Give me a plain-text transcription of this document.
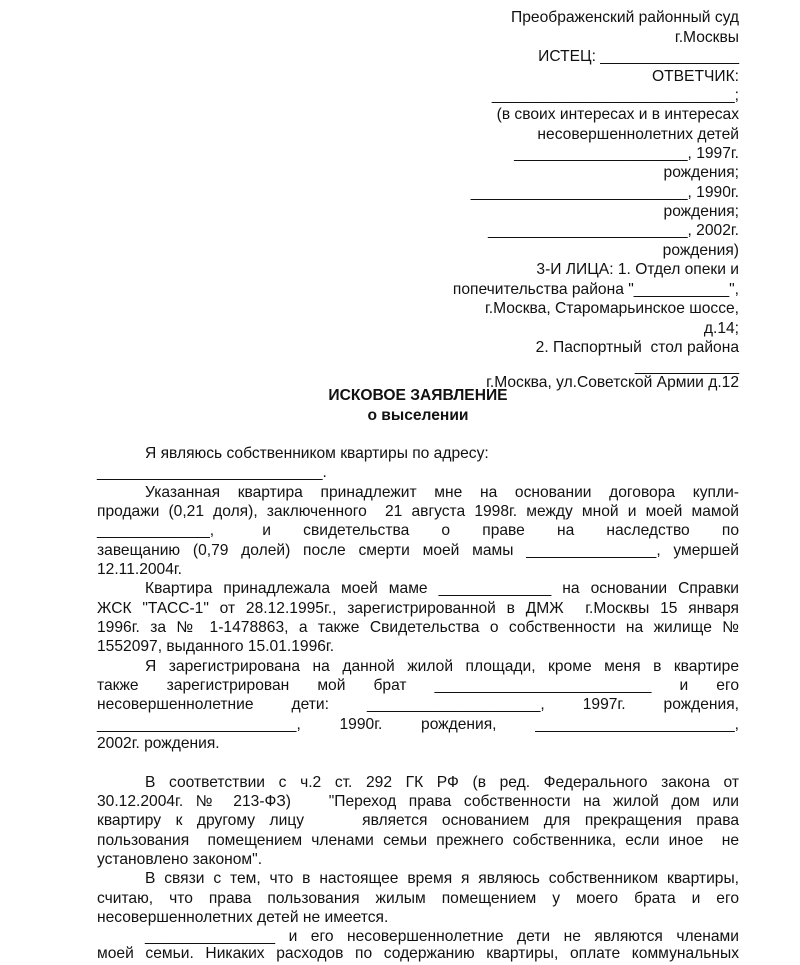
Преображенский районный суд
г.Москвы
ИСТЕЦ: ________________
ОТВЕТЧИК:
____________________________;
(в своих интересах и в интересах
несовершеннолетних детей
____________________, 1997г.
рождения;
_________________________, 1990г.
рождения;
_______________________, 2002г.
рождения)
3-И ЛИЦА: 1. Отдел опеки и
попечительства района "___________",
г.Москва, Старомарьинское шоссе,
д.14;
2. Паспортный  стол района
____________
г.Москва, ул.Советской Армии д.12
ИСКОВОЕ ЗАЯВЛЕНИЕ
о выселении
Я являюсь собственником квартиры по адресу:
__________________________.
Указанная  квартира  принадлежит  мне  на  основании  договора  купли-
продажи (0,21 доля), заключенного  21 августа 1998г. между мной и моей мамой
_____________,   и  свидетельства  о  праве  на  наследство  по
завещанию (0,79 долей) после смерти моей мамы _______________, умершей
12.11.2004г.
Квартира принадлежала моей маме _____________ на основании Справки
ЖСК "ТАСС-1" от 28.12.1995г., зарегистрированной в ДМЖ  г.Москвы 15 января
1996г. за № 1-1478863, а также Свидетельства о собственности на жилище №
1552097, выданного 15.01.1996г.
Я зарегистрирована на данной жилой площади, кроме меня в квартире
также  зарегистрирован  мой  брат  _________________________  и  его
несовершеннолетние   дети:   ____________________,   1997г.   рождения,
_______________________,   1990г.   рождения,   _______________________,
2002г. рождения.
В соответствии с ч.2 ст. 292 ГК РФ (в ред. Федерального закона от
30.12.2004г. № 213-ФЗ)   "Переход права собственности на жилой дом или
квартиру к другому лицу    является основанием для прекращения права
пользования  помещением членами семьи прежнего собственника, если иное  не
установлено законом".
В связи с тем, что в настоящее время я являюсь собственником квартиры,
считаю,  что  права  пользования  жилым  помещением  у  моего  брата  и  его
несовершеннолетних детей не имеется.
_______________ и его несовершеннолетние дети не являются членами
моей семьи. Никаких расходов по содержанию квартиры, оплате коммунальных
